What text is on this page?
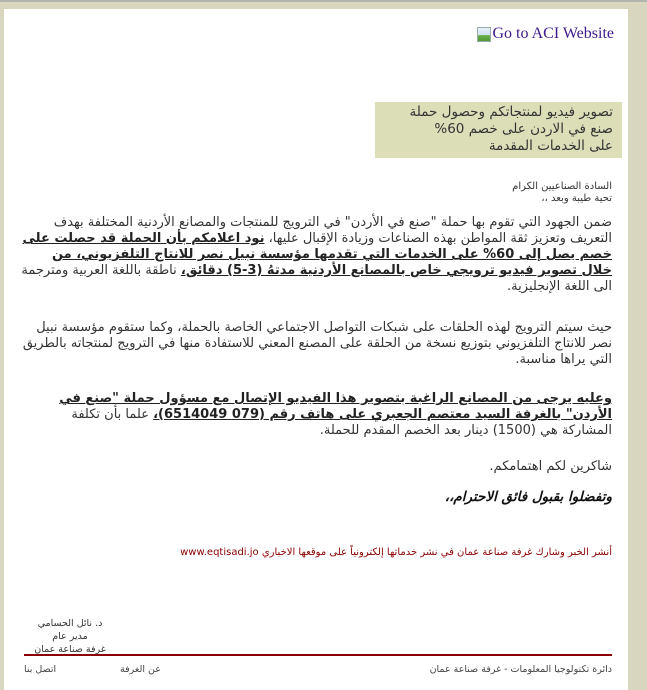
Go to ACI Website
تصوير فيديو لمنتجاتكم وحصول حملة
صنع في الاردن على خصم 60%
على الخدمات المقدمة
السادة الصناعيين الكرام
تحية طيبة وبعد ،،
ضمن الجهود التي تقوم بها حملة "صنع في الأردن" في الترويج للمنتجات والمصانع الأردنية المختلفة بهدف التعريف وتعزيز ثقة المواطن بهذه الصناعات وزيادة الإقبال عليها، نود اعلامكم بأن الحملة قد حصلت على خصم يصل إلى 60% على الخدمات التي تقدمها مؤسسة نبيل نصر للانتاج التلفزيوني، من خلال تصوير فيديو ترويجي خاص بالمصانع الأردنية مدتهُ (3-5) دقائق، ناطقة باللغة العربية ومترجمة الى اللغة الإنجليزية.
حيث سيتم الترويج لهذه الحلقات على شبكات التواصل الاجتماعي الخاصة بالحملة، وكما ستقوم مؤسسة نبيل نصر للانتاج التلفزيوني بتوزيع نسخة من الحلقة على المصنع المعني للاستفادة منها في الترويج لمنتجاته بالطريق التي يراها مناسبة.
وعليه يرجى من المصانع الراغبة بتصوير هذا الفيديو الإتصال مع مسؤول حملة "صنع في الأردن" بالغرفة السيد معتصم الجعبري على هاتف رقم (079 6514049)، علما بأن تكلفة المشاركة هي (1500) دينار بعد الخصم المقدم للحملة.
شاكرين لكم اهتمامكم.
وتفضلوا بقبول فائق الاحترام،،
أنشر الخبر وشارك غرفة صناعة عمان في نشر خدماتها إلكترونياً على موقعها الاخباري www.eqtisadi.jo
د. نائل الحسامي
مدير عام
غرفة صناعة عمان
اتصل بنا	عن الغرفة	دائرة تكنولوجيا المعلومات - غرفة صناعة عمان
